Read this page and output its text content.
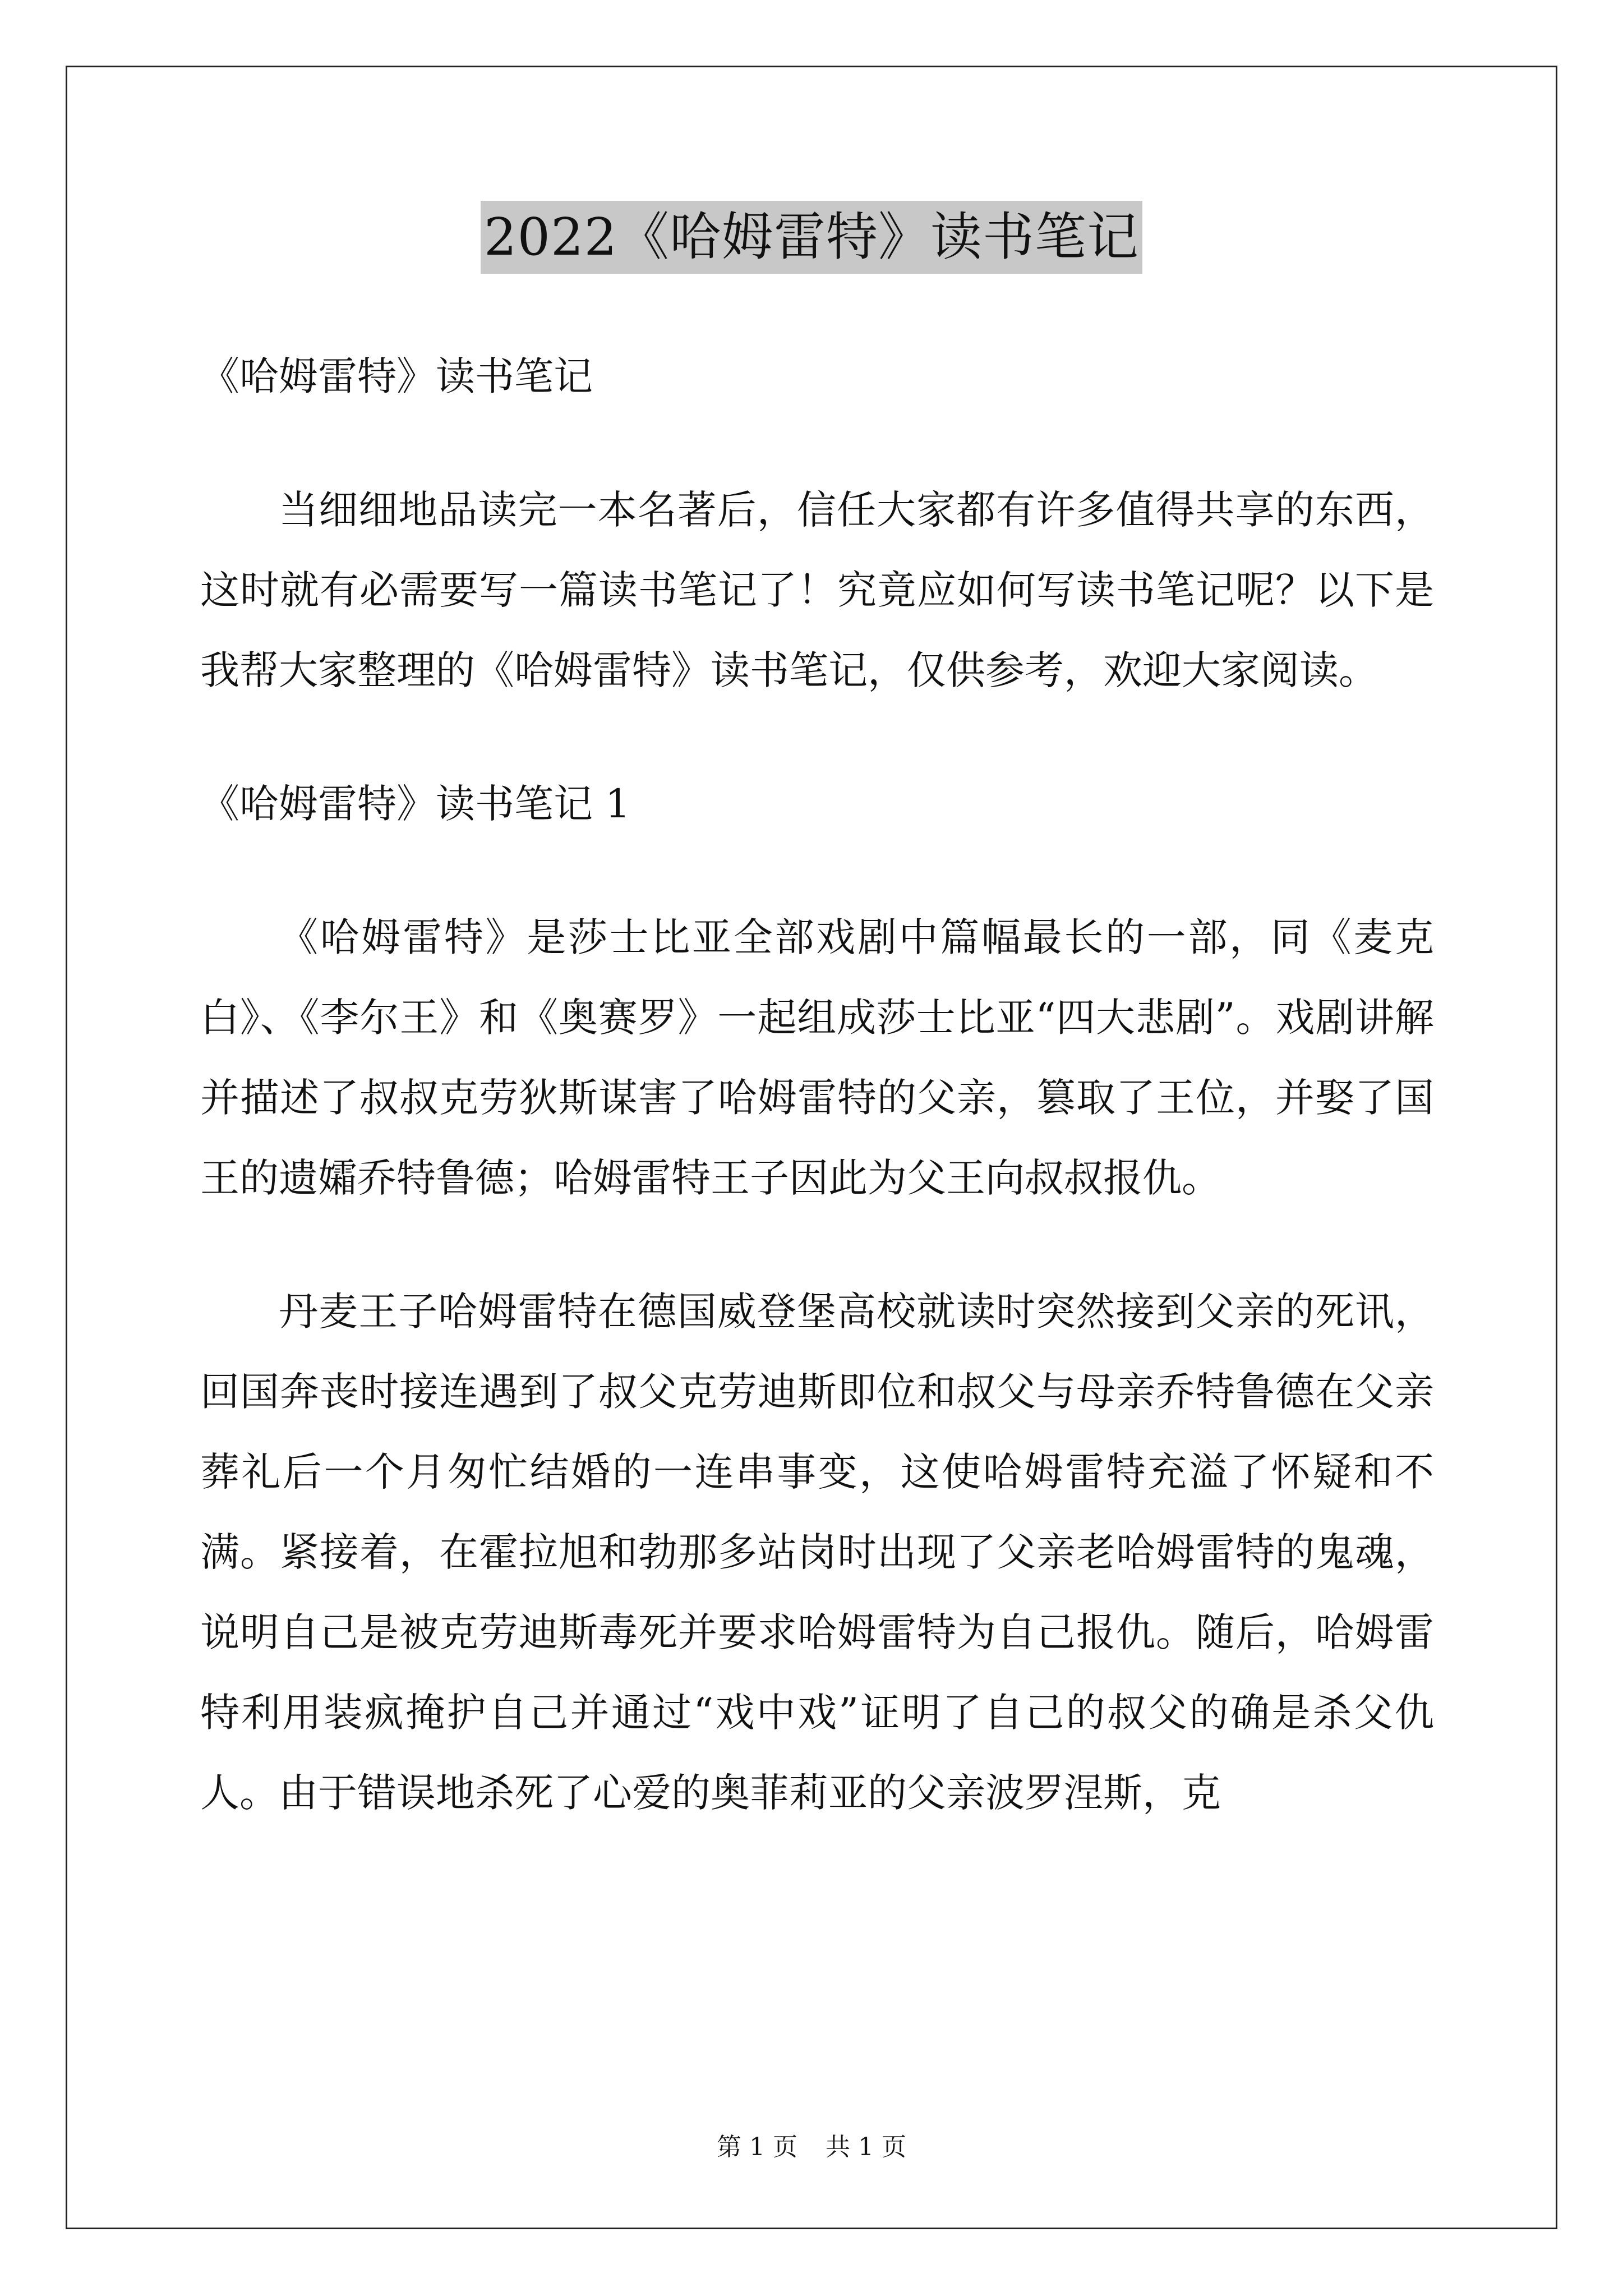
2022《哈姆雷特》读书笔记

《哈姆雷特》读书笔记

当细细地品读完一本名著后，信任大家都有许多值得共享的东西，这时就有必需要写一篇读书笔记了！究竟应如何写读书笔记呢？以下是我帮大家整理的《哈姆雷特》读书笔记，仅供参考，欢迎大家阅读。

《哈姆雷特》读书笔记 1

《哈姆雷特》是莎士比亚全部戏剧中篇幅最长的一部，同《麦克白》、《李尔王》和《奥赛罗》一起组成莎士比亚“四大悲剧”。戏剧讲解并描述了叔叔克劳狄斯谋害了哈姆雷特的父亲，篡取了王位，并娶了国王的遗孀乔特鲁德；哈姆雷特王子因此为父王向叔叔报仇。

丹麦王子哈姆雷特在德国威登堡高校就读时突然接到父亲的死讯，回国奔丧时接连遇到了叔父克劳迪斯即位和叔父与母亲乔特鲁德在父亲葬礼后一个月匆忙结婚的一连串事变，这使哈姆雷特充溢了怀疑和不满。紧接着，在霍拉旭和勃那多站岗时出现了父亲老哈姆雷特的鬼魂，说明自己是被克劳迪斯毒死并要求哈姆雷特为自己报仇。随后，哈姆雷特利用装疯掩护自己并通过“戏中戏”证明了自己的叔父的确是杀父仇人。由于错误地杀死了心爱的奥菲莉亚的父亲波罗涅斯，克

第 1 页 共 1 页
